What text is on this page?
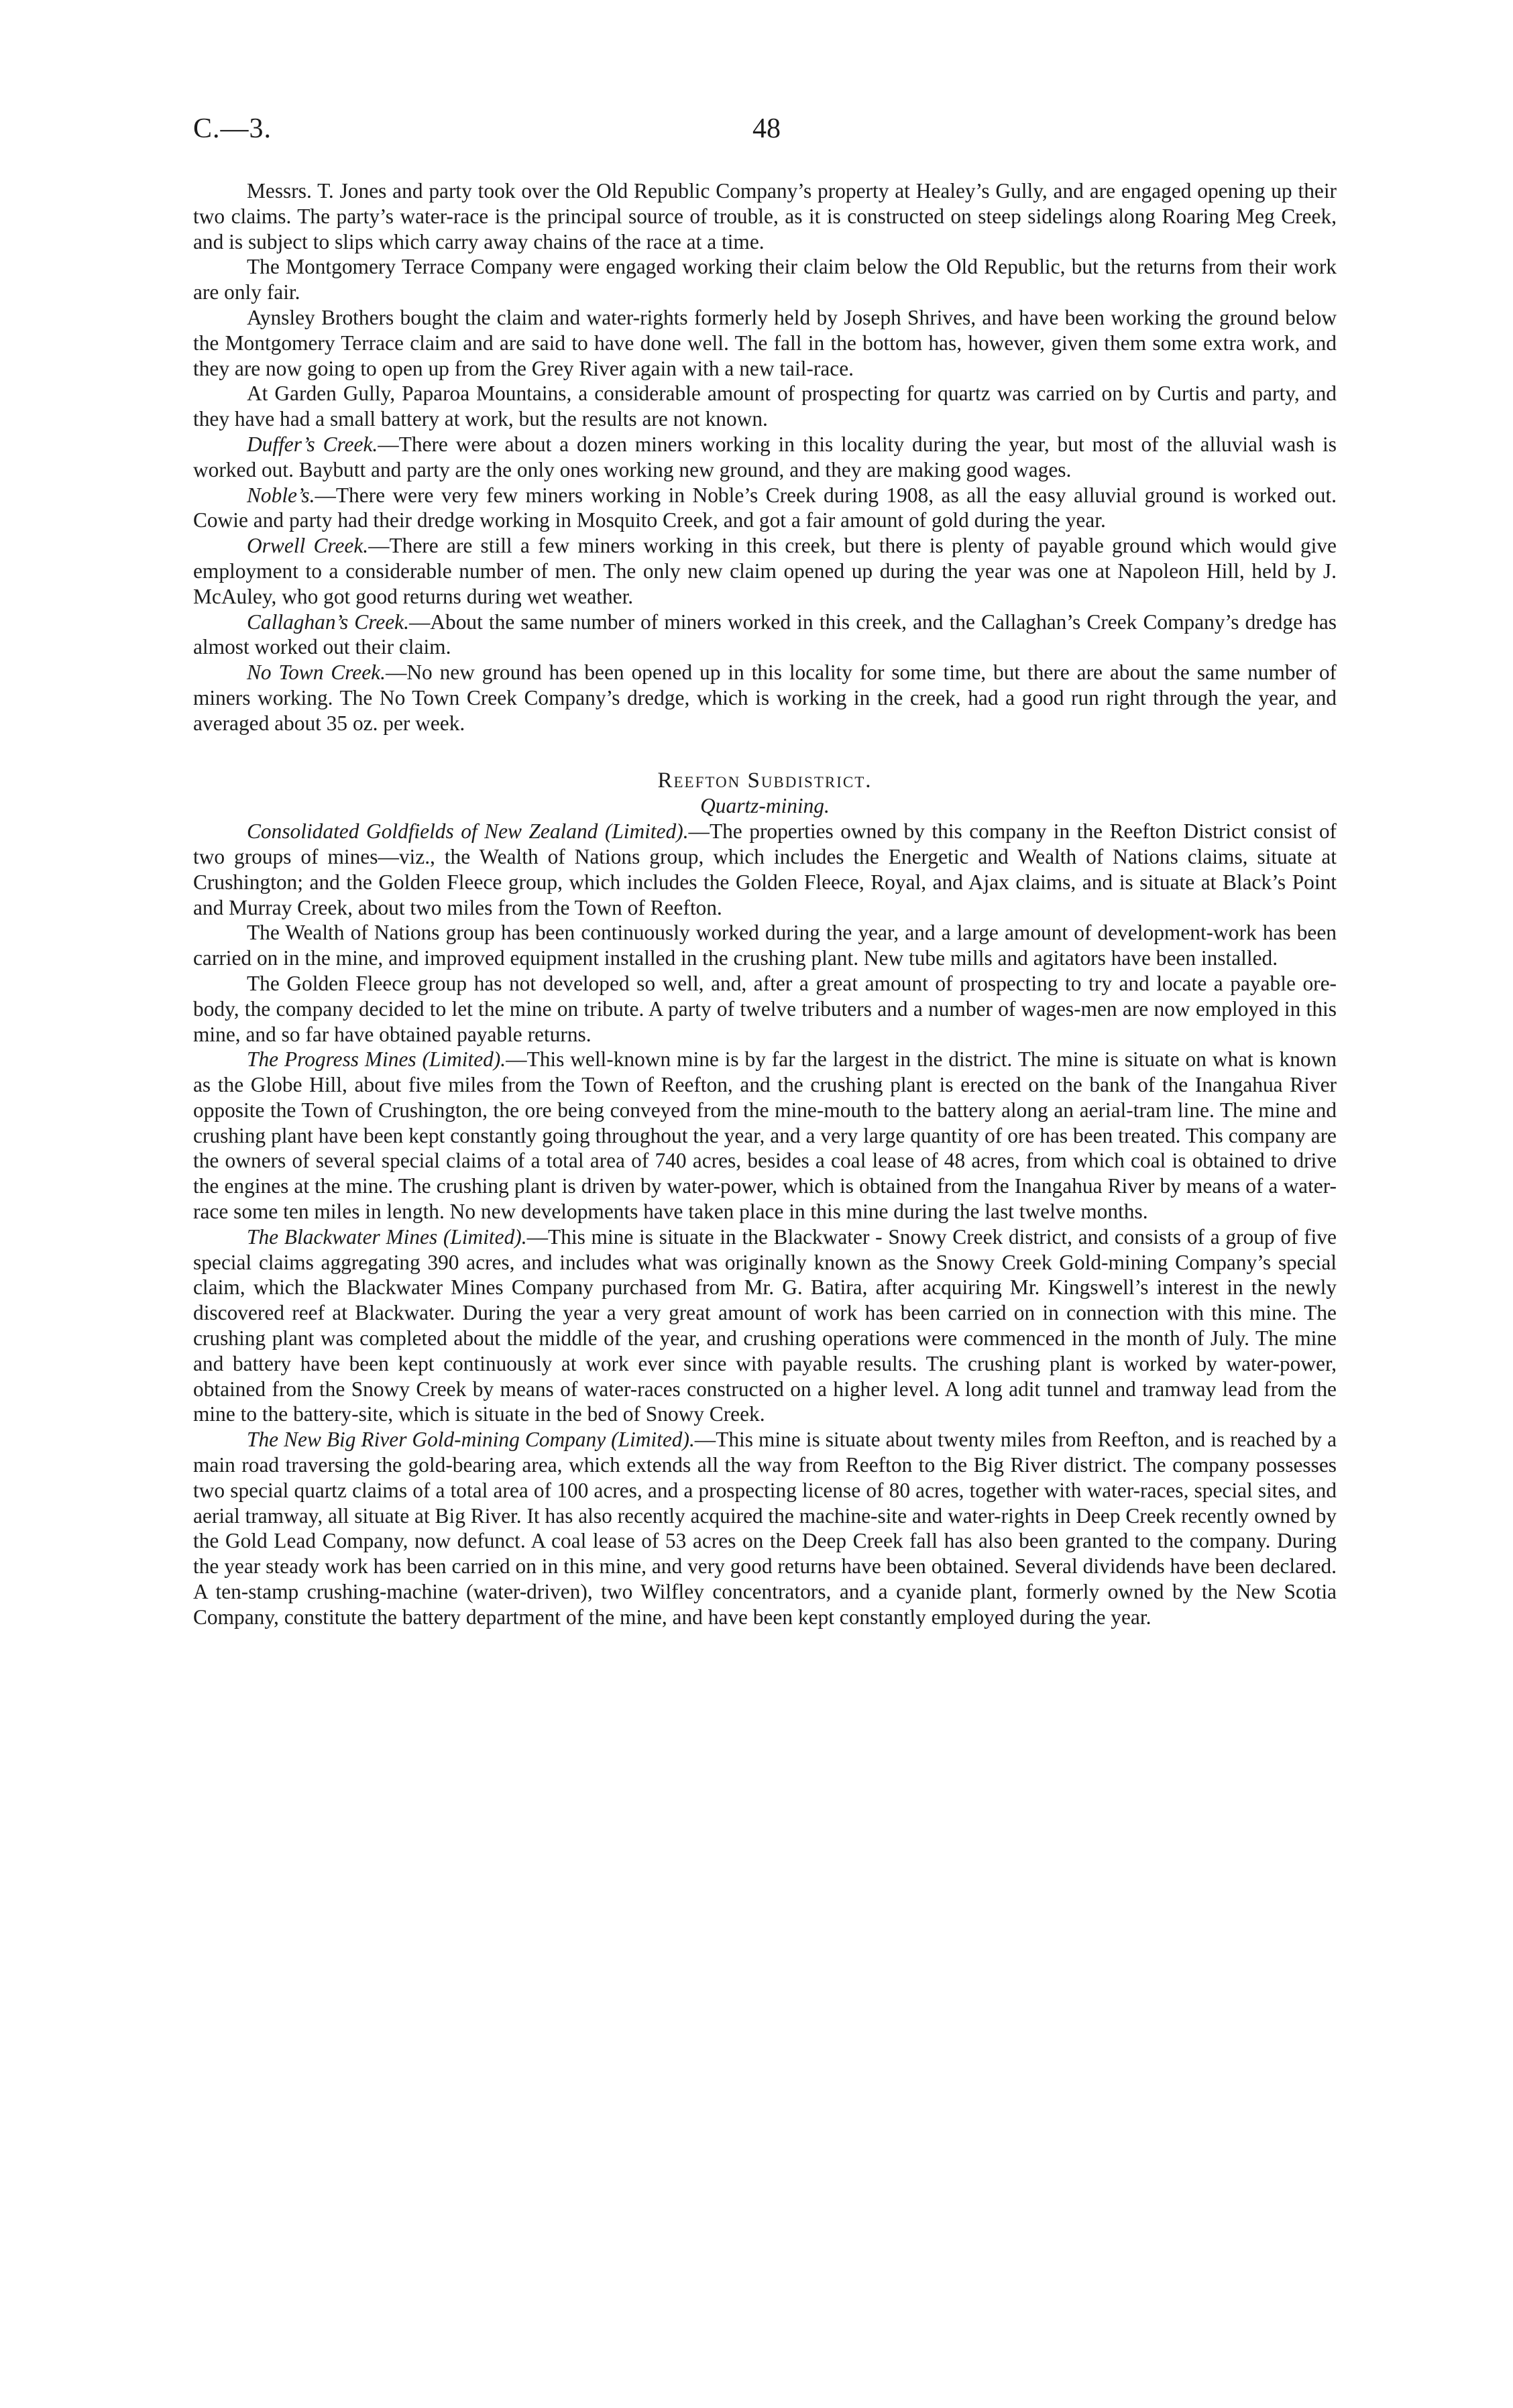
C.—3.	48

Messrs. T. Jones and party took over the Old Republic Company’s property at Healey’s Gully, and are engaged opening up their two claims. The party’s water-race is the principal source of trouble, as it is constructed on steep sidelings along Roaring Meg Creek, and is subject to slips which carry away chains of the race at a time.

The Montgomery Terrace Company were engaged working their claim below the Old Republic, but the returns from their work are only fair.

Aynsley Brothers bought the claim and water-rights formerly held by Joseph Shrives, and have been working the ground below the Montgomery Terrace claim and are said to have done well. The fall in the bottom has, however, given them some extra work, and they are now going to open up from the Grey River again with a new tail-race.

At Garden Gully, Paparoa Mountains, a considerable amount of prospecting for quartz was carried on by Curtis and party, and they have had a small battery at work, but the results are not known.

Duffer’s Creek.—There were about a dozen miners working in this locality during the year, but most of the alluvial wash is worked out. Baybutt and party are the only ones working new ground, and they are making good wages.

Noble’s.—There were very few miners working in Noble’s Creek during 1908, as all the easy alluvial ground is worked out. Cowie and party had their dredge working in Mosquito Creek, and got a fair amount of gold during the year.

Orwell Creek.—There are still a few miners working in this creek, but there is plenty of payable ground which would give employment to a considerable number of men. The only new claim opened up during the year was one at Napoleon Hill, held by J. McAuley, who got good returns during wet weather.

Callaghan’s Creek.—About the same number of miners worked in this creek, and the Callaghan’s Creek Company’s dredge has almost worked out their claim.

No Town Creek.—No new ground has been opened up in this locality for some time, but there are about the same number of miners working. The No Town Creek Company’s dredge, which is working in the creek, had a good run right through the year, and averaged about 35 oz. per week.

Reefton Subdistrict.

Quartz-mining.

Consolidated Goldfields of New Zealand (Limited).—The properties owned by this company in the Reefton District consist of two groups of mines—viz., the Wealth of Nations group, which includes the Energetic and Wealth of Nations claims, situate at Crushington; and the Golden Fleece group, which includes the Golden Fleece, Royal, and Ajax claims, and is situate at Black’s Point and Murray Creek, about two miles from the Town of Reefton.

The Wealth of Nations group has been continuously worked during the year, and a large amount of development-work has been carried on in the mine, and improved equipment installed in the crushing plant. New tube mills and agitators have been installed.

The Golden Fleece group has not developed so well, and, after a great amount of prospecting to try and locate a payable ore-body, the company decided to let the mine on tribute. A party of twelve tributers and a number of wages-men are now employed in this mine, and so far have obtained payable returns.

The Progress Mines (Limited).—This well-known mine is by far the largest in the district. The mine is situate on what is known as the Globe Hill, about five miles from the Town of Reefton, and the crushing plant is erected on the bank of the Inangahua River opposite the Town of Crushington, the ore being conveyed from the mine-mouth to the battery along an aerial-tram line. The mine and crushing plant have been kept constantly going throughout the year, and a very large quantity of ore has been treated. This company are the owners of several special claims of a total area of 740 acres, besides a coal lease of 48 acres, from which coal is obtained to drive the engines at the mine. The crushing plant is driven by water-power, which is obtained from the Inangahua River by means of a water-race some ten miles in length. No new developments have taken place in this mine during the last twelve months.

The Blackwater Mines (Limited).—This mine is situate in the Blackwater - Snowy Creek district, and consists of a group of five special claims aggregating 390 acres, and includes what was originally known as the Snowy Creek Gold-mining Company’s special claim, which the Blackwater Mines Company purchased from Mr. G. Batira, after acquiring Mr. Kingswell’s interest in the newly discovered reef at Blackwater. During the year a very great amount of work has been carried on in connection with this mine. The crushing plant was completed about the middle of the year, and crushing operations were commenced in the month of July. The mine and battery have been kept continuously at work ever since with payable results. The crushing plant is worked by water-power, obtained from the Snowy Creek by means of water-races constructed on a higher level. A long adit tunnel and tramway lead from the mine to the battery-site, which is situate in the bed of Snowy Creek.

The New Big River Gold-mining Company (Limited).—This mine is situate about twenty miles from Reefton, and is reached by a main road traversing the gold-bearing area, which extends all the way from Reefton to the Big River district. The company possesses two special quartz claims of a total area of 100 acres, and a prospecting license of 80 acres, together with water-races, special sites, and aerial tramway, all situate at Big River. It has also recently acquired the machine-site and water-rights in Deep Creek recently owned by the Gold Lead Company, now defunct. A coal lease of 53 acres on the Deep Creek fall has also been granted to the company. During the year steady work has been carried on in this mine, and very good returns have been obtained. Several dividends have been declared. A ten-stamp crushing-machine (water-driven), two Wilfley concentrators, and a cyanide plant, formerly owned by the New Scotia Company, constitute the battery department of the mine, and have been kept constantly employed during the year.
